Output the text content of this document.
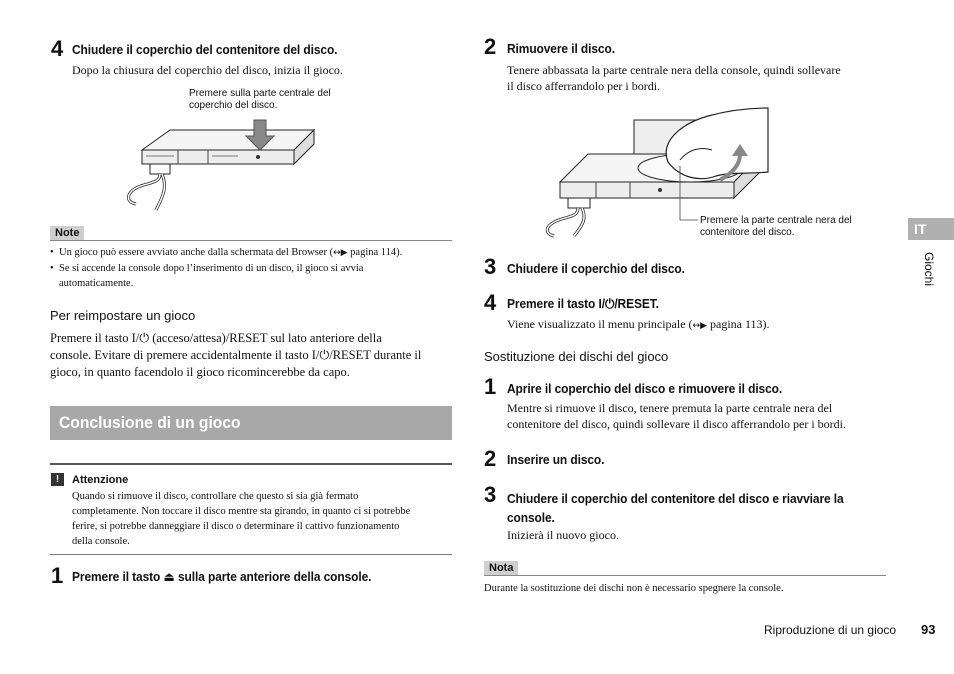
4 Chiudere il coperchio del contenitore del disco.
Dopo la chiusura del coperchio del disco, inizia il gioco.
Premere sulla parte centrale del
coperchio del disco.
Note
• Un gioco può essere avviato anche dalla schermata del Browser (↔▶ pagina 114).
• Se si accende la console dopo l’inserimento di un disco, il gioco si avvia
automaticamente.
Per reimpostare un gioco
Premere il tasto I/⏻ (acceso/attesa)/RESET sul lato anteriore della
console. Evitare di premere accidentalmente il tasto I/⏻/RESET durante il
gioco, in quanto facendolo il gioco ricomincerebbe da capo.
Conclusione di un gioco
!	Attenzione
Quando si rimuove il disco, controllare che questo si sia già fermato
completamente. Non toccare il disco mentre sta girando, in quanto ci si potrebbe
ferire, si potrebbe danneggiare il disco o determinare il cattivo funzionamento
della console.
1 Premere il tasto ⏏ sulla parte anteriore della console.
2 Rimuovere il disco.
Tenere abbassata la parte centrale nera della console, quindi sollevare
il disco afferrandolo per i bordi.
Premere la parte centrale nera del
contenitore del disco.
3 Chiudere il coperchio del disco.
4 Premere il tasto I/⏻/RESET.
Viene visualizzato il menu principale (↔▶ pagina 113).
Sostituzione dei dischi del gioco
1 Aprire il coperchio del disco e rimuovere il disco.
Mentre si rimuove il disco, tenere premuta la parte centrale nera del
contenitore del disco, quindi sollevare il disco afferrandolo per i bordi.
2 Inserire un disco.
3 Chiudere il coperchio del contenitore del disco e riavviare la
console.
Inizierà il nuovo gioco.
Nota
Durante la sostituzione dei dischi non è necessario spegnere la console.
IT
Giochi
Riproduzione di un gioco 93
